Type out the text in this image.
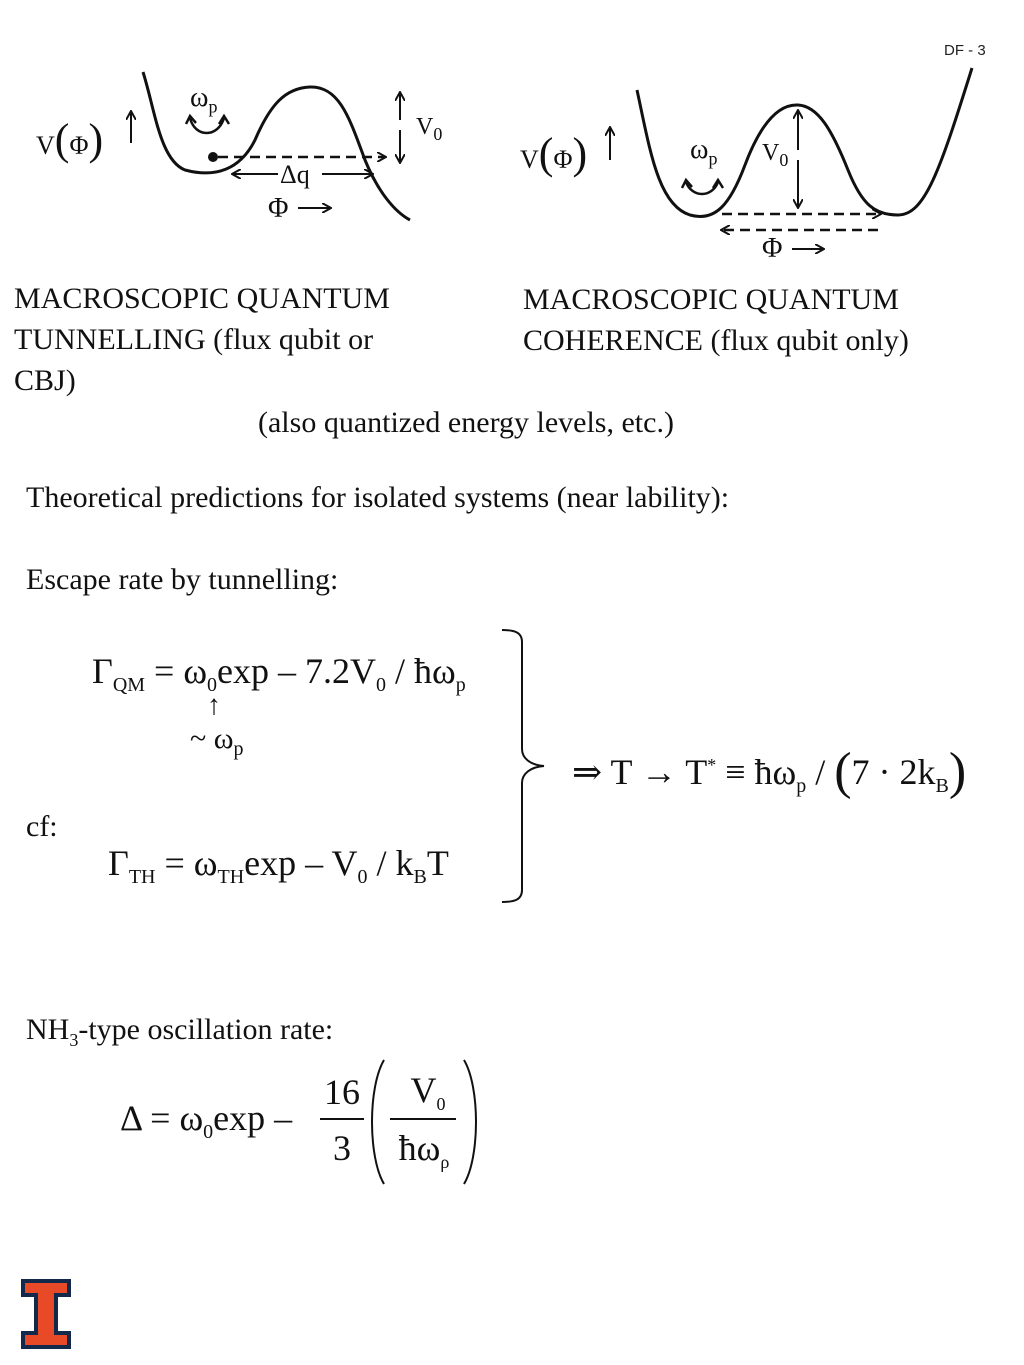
DF - 3
V(Φ)
$\omega_p$
$V_0$
Δq
Φ
V(Φ)	$\omega_p$ $V_0$
Φ
MACROSCOPIC QUANTUM
TUNNELLING (flux qubit or
CBJ)
MACROSCOPIC QUANTUM
COHERENCE (flux qubit only)
(also quantized energy levels, etc.)
Theoretical predictions for isolated systems (near lability):
Escape rate by tunnelling:
$\Gamma_{QM} = \omega_0\exp - 7.2V_0$ / $ħ\omega_p$
↑
~ $\omega_p$
cf:
$\Gamma_{TH} = \omega_{TH}\exp - V_0 / k_BT$
⇒ $T \to T^* \equiv ħ\omega_p / (7 \cdot 2k_B)$
$NH_3$-type oscillation rate:
$\Delta = \omega_0\exp$ –
16
3
$V_0$
$ħ\omega_\rho$
